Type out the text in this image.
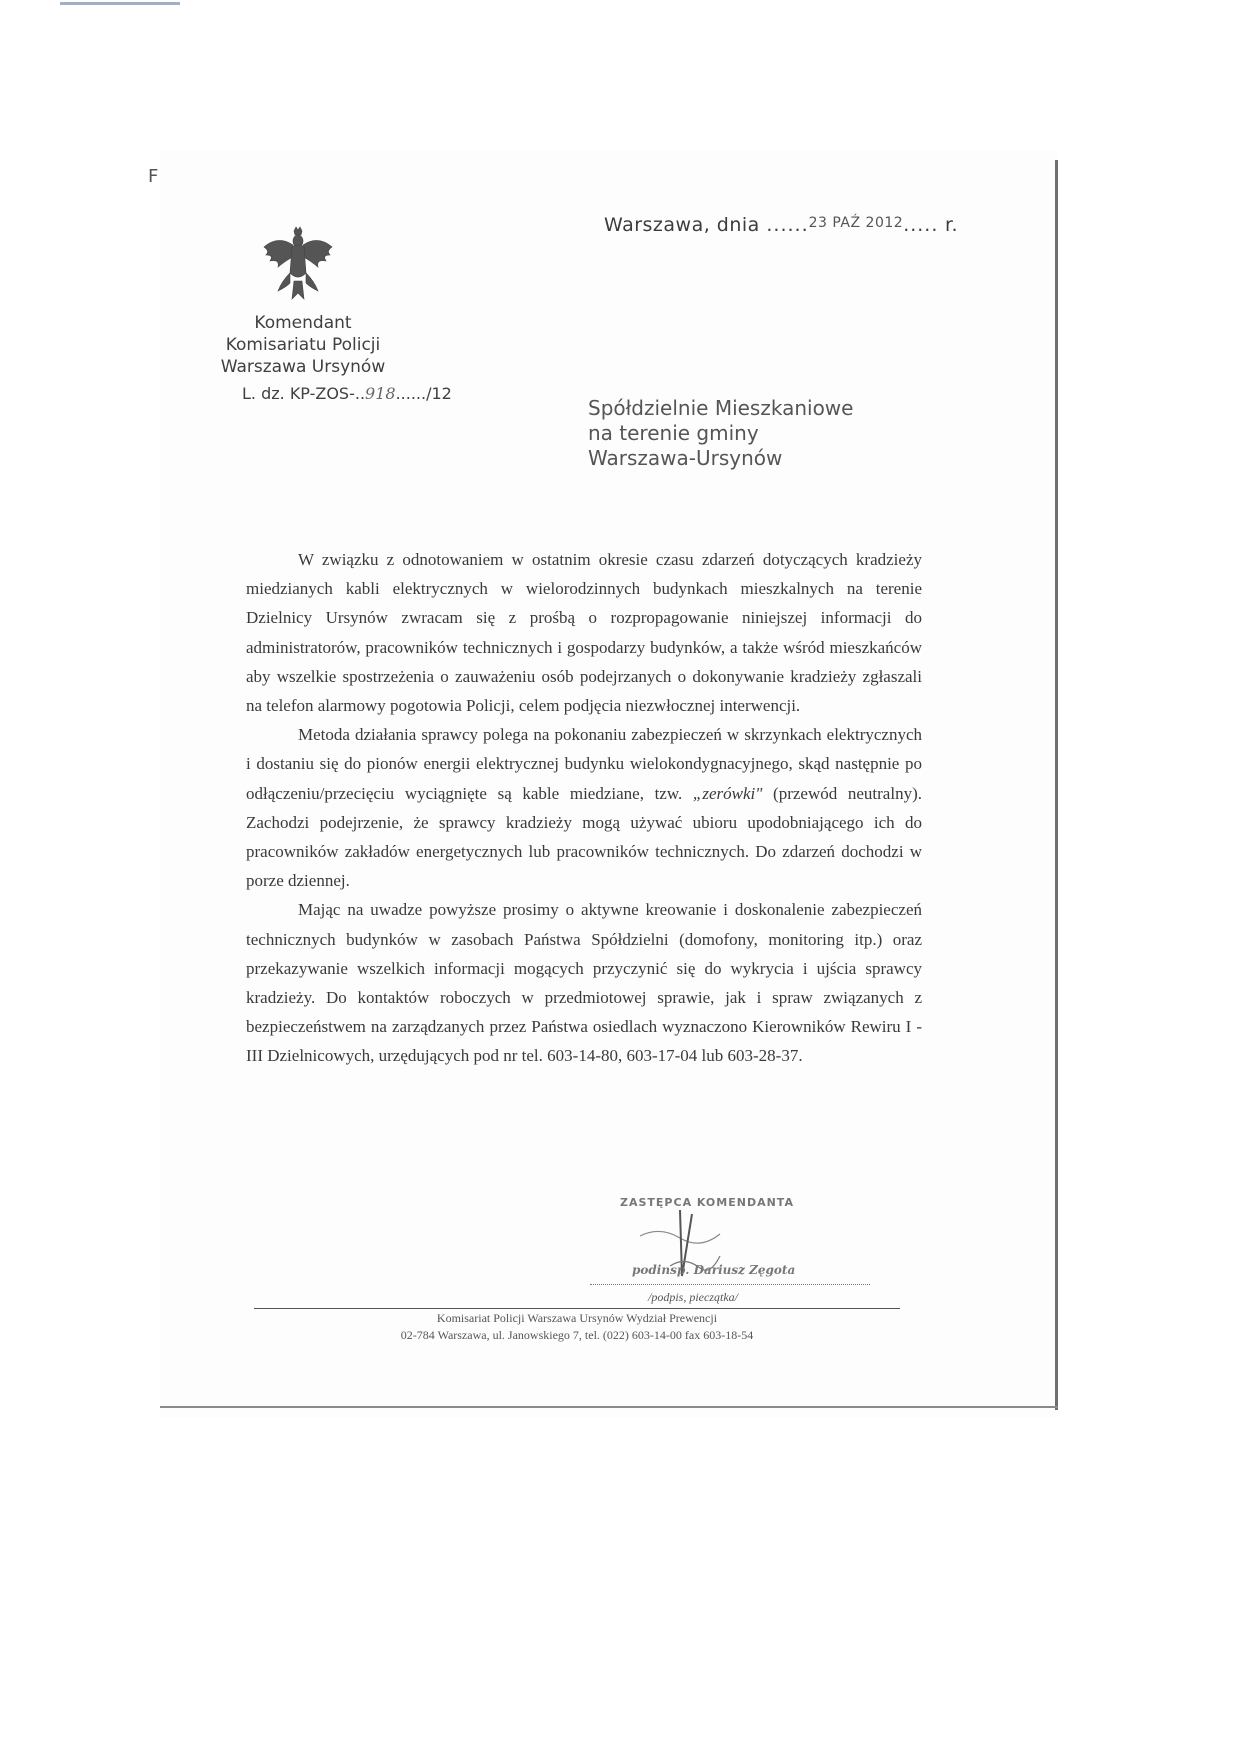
F
Warszawa, dnia ......$^{23 PAŹ 2012}$..... r.
Komendant
Komisariatu Policji
Warszawa Ursynów
L. dz. KP-ZOS-..918....../12
Spółdzielnie Mieszkaniowe
na terenie gminy
Warszawa-Ursynów

W związku z odnotowaniem w ostatnim okresie czasu zdarzeń dotyczących kradzieży miedzianych kabli elektrycznych w wielorodzinnych budynkach mieszkalnych na terenie Dzielnicy Ursynów zwracam się z prośbą o rozpropagowanie niniejszej informacji do administratorów, pracowników technicznych i gospodarzy budynków, a także wśród mieszkańców aby wszelkie spostrzeżenia o zauważeniu osób podejrzanych o dokonywanie kradzieży zgłaszali na telefon alarmowy pogotowia Policji, celem podjęcia niezwłocznej interwencji.

Metoda działania sprawcy polega na pokonaniu zabezpieczeń w skrzynkach elektrycznych i dostaniu się do pionów energii elektrycznej budynku wielokondygnacyjnego, skąd następnie po odłączeniu/przecięciu wyciągnięte są kable miedziane, tzw. „zerówki" (przewód neutralny). Zachodzi podejrzenie, że sprawcy kradzieży mogą używać ubioru upodobniającego ich do pracowników zakładów energetycznych lub pracowników technicznych. Do zdarzeń dochodzi w porze dziennej.

Mając na uwadze powyższe prosimy o aktywne kreowanie i doskonalenie zabezpieczeń technicznych budynków w zasobach Państwa Spółdzielni (domofony, monitoring itp.) oraz przekazywanie wszelkich informacji mogących przyczynić się do wykrycia i ujścia sprawcy kradzieży. Do kontaktów roboczych w przedmiotowej sprawie, jak i spraw związanych z bezpieczeństwem na zarządzanych przez Państwa osiedlach wyznaczono Kierowników Rewiru I - III Dzielnicowych, urzędujących pod nr tel. 603-14-80, 603-17-04 lub 603-28-37.

ZASTĘPCA KOMENDANTA
podinsp. Dariusz Zęgota
/podpis, pieczątka/
Komisariat Policji Warszawa Ursynów Wydział Prewencji
02-784 Warszawa, ul. Janowskiego 7, tel. (022) 603-14-00 fax 603-18-54
